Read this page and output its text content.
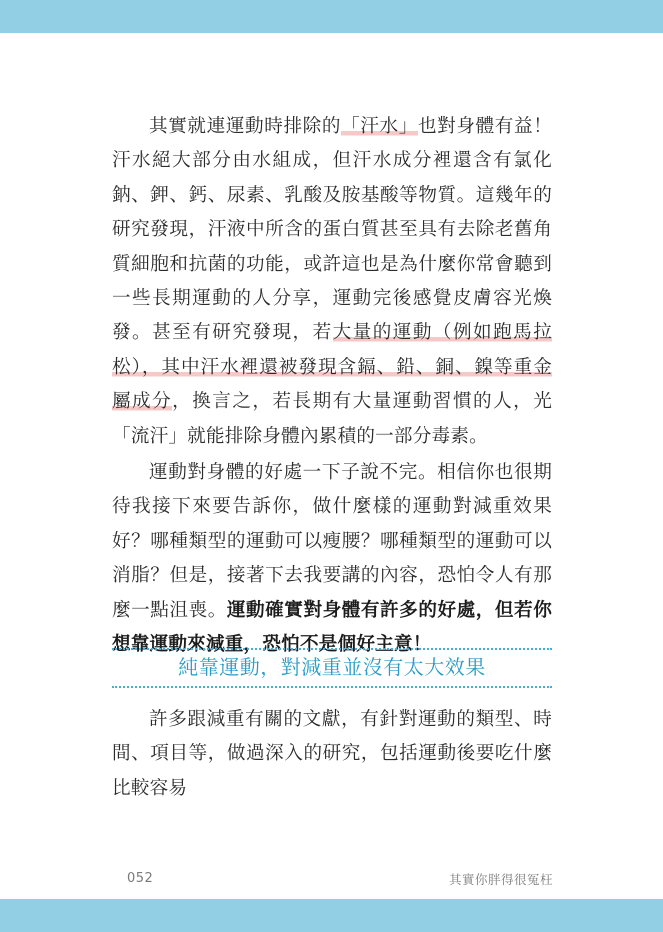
其實就連運動時排除的「汗水」也對身體有益！汗水絕大部分由水組成，但汗水成分裡還含有氯化鈉、鉀、鈣、尿素、乳酸及胺基酸等物質。這幾年的研究發現，汗液中所含的蛋白質甚至具有去除老舊角質細胞和抗菌的功能，或許這也是為什麼你常會聽到一些長期運動的人分享，運動完後感覺皮膚容光煥發。甚至有研究發現，若大量的運動（例如跑馬拉松），其中汗水裡還被發現含鎘、鉛、銅、鎳等重金屬成分，換言之，若長期有大量運動習慣的人，光「流汗」就能排除身體內累積的一部分毒素。

運動對身體的好處一下子說不完。相信你也很期待我接下來要告訴你，做什麼樣的運動對減重效果好？哪種類型的運動可以瘦腰？哪種類型的運動可以消脂？但是，接著下去我要講的內容，恐怕令人有那麼一點沮喪。運動確實對身體有許多的好處，但若你想靠運動來減重，恐怕不是個好主意！

純靠運動，對減重並沒有太大效果

許多跟減重有關的文獻，有針對運動的類型、時間、項目等，做過深入的研究，包括運動後要吃什麼比較容易

052	其實你胖得很冤枉
